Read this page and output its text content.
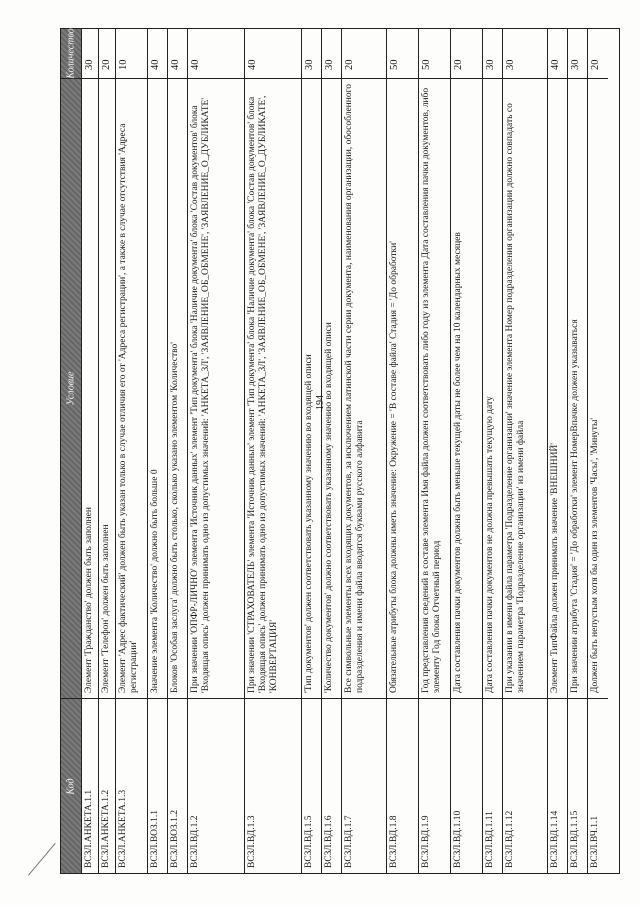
194
Количество
Условие
Код
30
Элемент 'Гражданство' должен быть заполнен
ВСЗЛ.АНКЕТА.1.1
20
Элемент 'Телефон' должен быть заполнен
ВСЗЛ.АНКЕТА.1.2
10
Элемент 'Адрес фактический' должен быть указан только в случае отличия его от 'Адреса регистрации', а также в случае отсутствия 'Адреса регистрации'
ВСЗЛ.АНКЕТА.1.3
40
Значение элемента 'Количество' должно быть больше 0
ВСЗЛ.ВОЗ.1.1
40
Блоков 'Особая заслуга' должно быть столько, сколько указано элементом 'Количество'
ВСЗЛ.ВОЗ.1.2
40
При значении 'ОПФР-ЛИЧНО' элемента 'Источник данных' элемент 'Тип документа' блока 'Наличие документа' блока 'Состав документов' блока 'Входящая опись' должен принимать одно из допустимых значений: 'АНКЕТА_ЗЛ', 'ЗАЯВЛЕНИЕ_ОБ_ОБМЕНЕ', 'ЗАЯВЛЕНИЕ_О_ДУБЛИКАТЕ'
ВСЗЛ.ВД.1.2
40
При значении 'СТРАХОВАТЕЛЬ' элемента 'Источник данных' элемент 'Тип документа' блока 'Наличие документа' блока 'Состав документов' блока 'Входящая опись' должен принимать одно из допустимых значений: 'АНКЕТА_ЗЛ', 'ЗАЯВЛЕНИЕ_ОБ_ОБМЕНЕ', 'ЗАЯВЛЕНИЕ_О_ДУБЛИКАТЕ', 'КОНВЕРТАЦИЯ'
ВСЗЛ.ВД.1.3
30
'Тип документов' должен соответствовать указанному значению во входящей описи
ВСЗЛ.ВД.1.5
30
'Количество документов' должно соответствовать указанному значению во входящей описи
ВСЗЛ.ВД.1.6
20
Все символьные элементы всех входящих документов, за исключением латинской части серии документа, наименования организации, обособленного подразделения и имени файла вводятся буквами русского алфавита
ВСЗЛ.ВД.1.7
50
Обязательные атрибуты блока должны иметь значение: Окружение = 'В составе файла' Стадия = 'До обработки'
ВСЗЛ.ВД.1.8
50
Год представления сведений в составе элемента Имя файла должен соответствовать либо году из элемента Дата составления пачки документов, либо элементу Год блока Отчетный период
ВСЗЛ.ВД.1.9
20
Дата составления пачки документов должна быть меньше текущей даты не более чем на 10 календарных месяцев
ВСЗЛ.ВД.1.10
30
Дата составления пачки документов не должна превышать текущую дату
ВСЗЛ.ВД.1.11
30
При указании в имени файла параметра 'Подразделение организации' значение элемента Номер подразделения организации должно совпадать со значением параметра 'Подразделение организации' из имени файла
ВСЗЛ.ВД.1.12
40
Элемент ТипФайла должен принимать значение 'ВНЕШНИЙ'
ВСЗЛ.ВД.1.14
30
При значении атрибута 'Стадия' = 'До обработки' элемент НомерВпачке должен указываться
ВСЗЛ.ВД.1.15
20
Должен быть непустым хотя бы один из элементов 'Часы', 'Минуты'
ВСЗЛ.ВЧ.1.1
